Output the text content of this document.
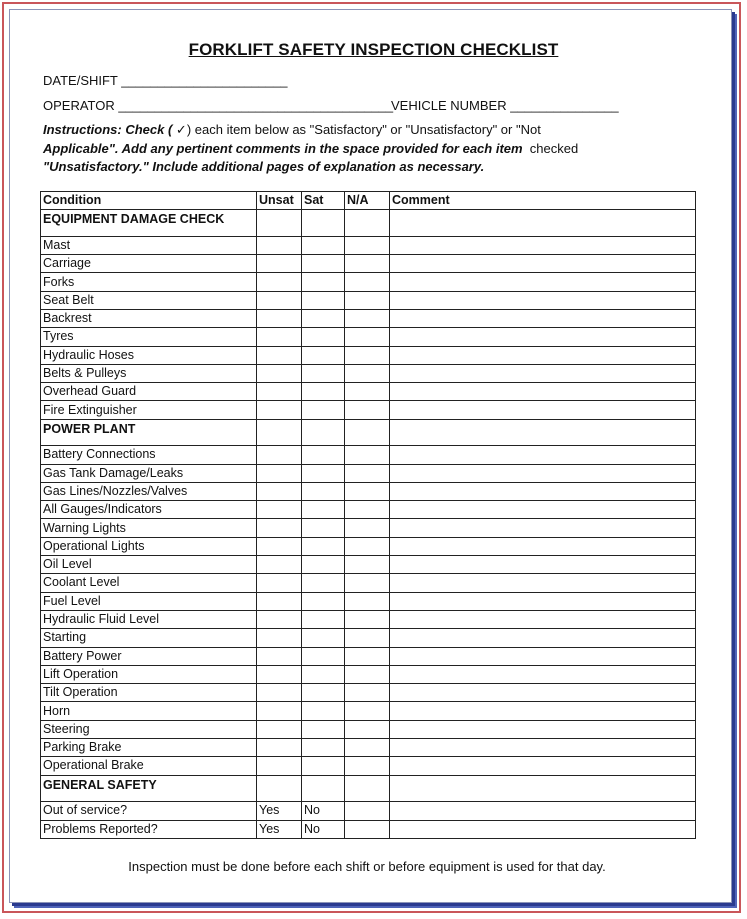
FORKLIFT SAFETY INSPECTION CHECKLIST
DATE/SHIFT _______________________
OPERATOR ______________________________________
VEHICLE NUMBER _______________
Instructions: Check ( ✓) each item below as "Satisfactory" or "Unsatisfactory" or "Not
Applicable". Add any pertinent comments in the space provided for each item  checked
"Unsatisfactory." Include additional pages of explanation as necessary.
Condition	Unsat	Sat	N/A	Comment
EQUIPMENT DAMAGE CHECK				
Mast				
Carriage				
Forks				
Seat Belt				
Backrest				
Tyres				
Hydraulic Hoses				
Belts & Pulleys				
Overhead Guard				
Fire Extinguisher				
POWER PLANT				
Battery Connections				
Gas Tank Damage/Leaks				
Gas Lines/Nozzles/Valves				
All Gauges/Indicators				
Warning Lights				
Operational Lights				
Oil Level				
Coolant Level				
Fuel Level				
Hydraulic Fluid Level				
Starting				
Battery Power				
Lift Operation				
Tilt Operation				
Horn				
Steering				
Parking Brake				
Operational Brake				
GENERAL SAFETY				
Out of service?	Yes	No		
Problems Reported?	Yes	No		
Inspection must be done before each shift or before equipment is used for that day.
